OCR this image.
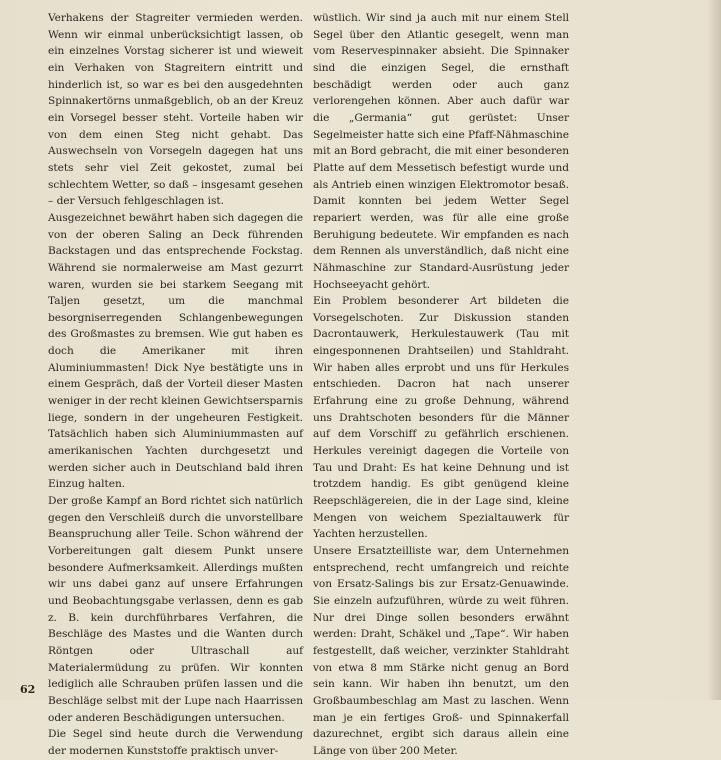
Verhakens der Stagreiter vermieden werden. Wenn wir einmal unberücksichtigt lassen, ob ein einzelnes Vorstag sicherer ist und wieweit ein Verhaken von Stagreitern eintritt und hinderlich ist, so war es bei den ausgedehnten Spinnakertörns unmaßgeblich, ob an der Kreuz ein Vorsegel besser steht. Vorteile haben wir von dem einen Steg nicht gehabt. Das Auswechseln von Vorsegeln dagegen hat uns stets sehr viel Zeit gekostet, zumal bei schlechtem Wetter, so daß – insgesamt gesehen – der Versuch fehlgeschlagen ist.

Ausgezeichnet bewährt haben sich dagegen die von der oberen Saling an Deck führenden Backstagen und das entsprechende Fockstag. Während sie normalerweise am Mast gezurrt waren, wurden sie bei starkem Seegang mit Taljen gesetzt, um die manchmal besorgniserregenden Schlangenbewegungen des Großmastes zu bremsen. Wie gut haben es doch die Amerikaner mit ihren Aluminiummasten! Dick Nye bestätigte uns in einem Gespräch, daß der Vorteil dieser Masten weniger in der recht kleinen Gewichtsersparnis liege, sondern in der ungeheuren Festigkeit. Tatsächlich haben sich Aluminiummasten auf amerikanischen Yachten durchgesetzt und werden sicher auch in Deutschland bald ihren Einzug halten.

Der große Kampf an Bord richtet sich natürlich gegen den Verschleiß durch die unvorstellbare Beanspruchung aller Teile. Schon während der Vorbereitungen galt diesem Punkt unsere besondere Aufmerksamkeit. Allerdings mußten wir uns dabei ganz auf unsere Erfahrungen und Beobachtungsgabe verlassen, denn es gab z. B. kein durchführbares Verfahren, die Beschläge des Mastes und die Wanten durch Röntgen oder Ultraschall auf Materialermüdung zu prüfen. Wir konnten lediglich alle Schrauben prüfen lassen und die Beschläge selbst mit der Lupe nach Haarrissen oder anderen Beschädigungen untersuchen.

Die Segel sind heute durch die Verwendung der modernen Kunststoffe praktisch unver-

wüstlich. Wir sind ja auch mit nur einem Stell Segel über den Atlantic gesegelt, wenn man vom Reservespinnaker absieht. Die Spinnaker sind die einzigen Segel, die ernsthaft beschädigt werden oder auch ganz verlorengehen können. Aber auch dafür war die „Germania“ gut gerüstet: Unser Segelmeister hatte sich eine Pfaff-Nähmaschine mit an Bord gebracht, die mit einer besonderen Platte auf dem Messetisch befestigt wurde und als Antrieb einen winzigen Elektromotor besaß. Damit konnten bei jedem Wetter Segel repariert werden, was für alle eine große Beruhigung bedeutete. Wir empfanden es nach dem Rennen als unverständlich, daß nicht eine Nähmaschine zur Standard-Ausrüstung jeder Hochseeyacht gehört.

Ein Problem besonderer Art bildeten die Vorsegelschoten. Zur Diskussion standen Dacrontauwerk, Herkulestauwerk (Tau mit eingesponnenen Drahtseilen) und Stahldraht. Wir haben alles erprobt und uns für Herkules entschieden. Dacron hat nach unserer Erfahrung eine zu große Dehnung, während uns Drahtschoten besonders für die Männer auf dem Vorschiff zu gefährlich erschienen. Herkules vereinigt dagegen die Vorteile von Tau und Draht: Es hat keine Dehnung und ist trotzdem handig. Es gibt genügend kleine Reepschlägereien, die in der Lage sind, kleine Mengen von weichem Spezialtauwerk für Yachten herzustellen.

Unsere Ersatzteilliste war, dem Unternehmen entsprechend, recht umfangreich und reichte von Ersatz-Salings bis zur Ersatz-Genuawinde. Sie einzeln aufzuführen, würde zu weit führen. Nur drei Dinge sollen besonders erwähnt werden: Draht, Schäkel und „Tape“. Wir haben festgestellt, daß weicher, verzinkter Stahldraht von etwa 8 mm Stärke nicht genug an Bord sein kann. Wir haben ihn benutzt, um den Großbaumbeschlag am Mast zu laschen. Wenn man je ein fertiges Groß- und Spinnakerfall dazurechnet, ergibt sich daraus allein eine Länge von über 200 Meter.

62
